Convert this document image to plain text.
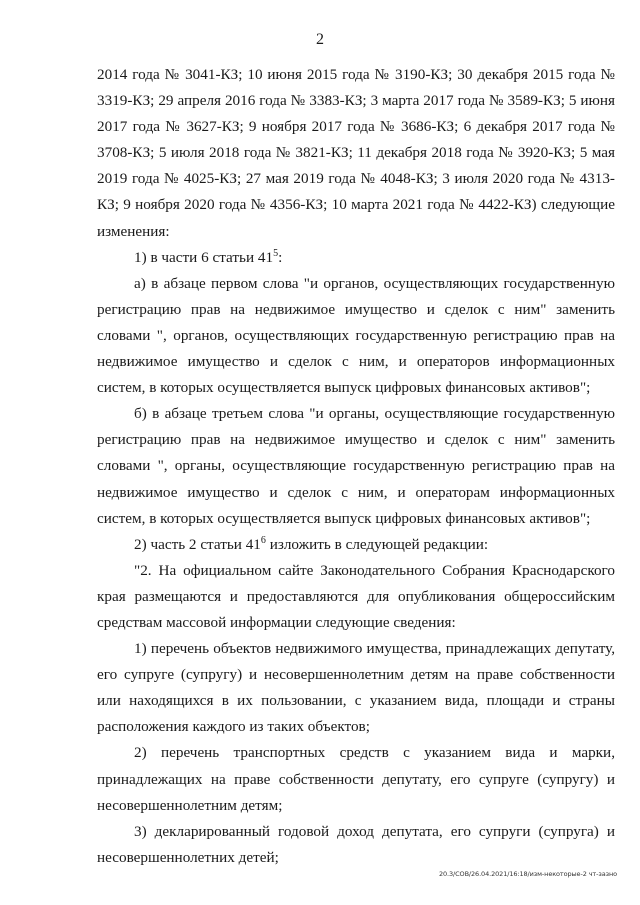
2

2014 года № 3041-КЗ; 10 июня 2015 года № 3190-КЗ; 30 декабря 2015 года № 3319-КЗ; 29 апреля 2016 года № 3383-КЗ; 3 марта 2017 года № 3589-КЗ; 5 июня 2017 года № 3627-КЗ; 9 ноября 2017 года № 3686-КЗ; 6 декабря 2017 года № 3708-КЗ; 5 июля 2018 года № 3821-КЗ; 11 декабря 2018 года № 3920-КЗ; 5 мая 2019 года № 4025-КЗ; 27 мая 2019 года № 4048-КЗ; 3 июля 2020 года № 4313-КЗ; 9 ноября 2020 года № 4356-КЗ; 10 марта 2021 года № 4422-КЗ) следующие изменения:

1) в части 6 статьи $41^5$:

а) в абзаце первом слова "и органов, осуществляющих государственную регистрацию прав на недвижимое имущество и сделок с ним" заменить словами ", органов, осуществляющих государственную регистрацию прав на недвижимое имущество и сделок с ним, и операторов информационных систем, в которых осуществляется выпуск цифровых финансовых активов";

б) в абзаце третьем слова "и органы, осуществляющие государственную регистрацию прав на недвижимое имущество и сделок с ним" заменить словами ", органы, осуществляющие государственную регистрацию прав на недвижимое имущество и сделок с ним, и операторам информационных систем, в которых осуществляется выпуск цифровых финансовых активов";

2) часть 2 статьи $41^6$ изложить в следующей редакции:

"2. На официальном сайте Законодательного Собрания Краснодарского края размещаются и предоставляются для опубликования общероссийским средствам массовой информации следующие сведения:

1) перечень объектов недвижимого имущества, принадлежащих депутату, его супруге (супругу) и несовершеннолетним детям на праве собственности или находящихся в их пользовании, с указанием вида, площади и страны расположения каждого из таких объектов;

2) перечень транспортных средств с указанием вида и марки, принадлежащих на праве собственности депутату, его супруге (супругу) и несовершеннолетним детям;

3) декларированный годовой доход депутата, его супруги (супруга) и несовершеннолетних детей;

20.3/СОВ/26.04.2021/16:18/изм-некоторые-2 чт-зазно
